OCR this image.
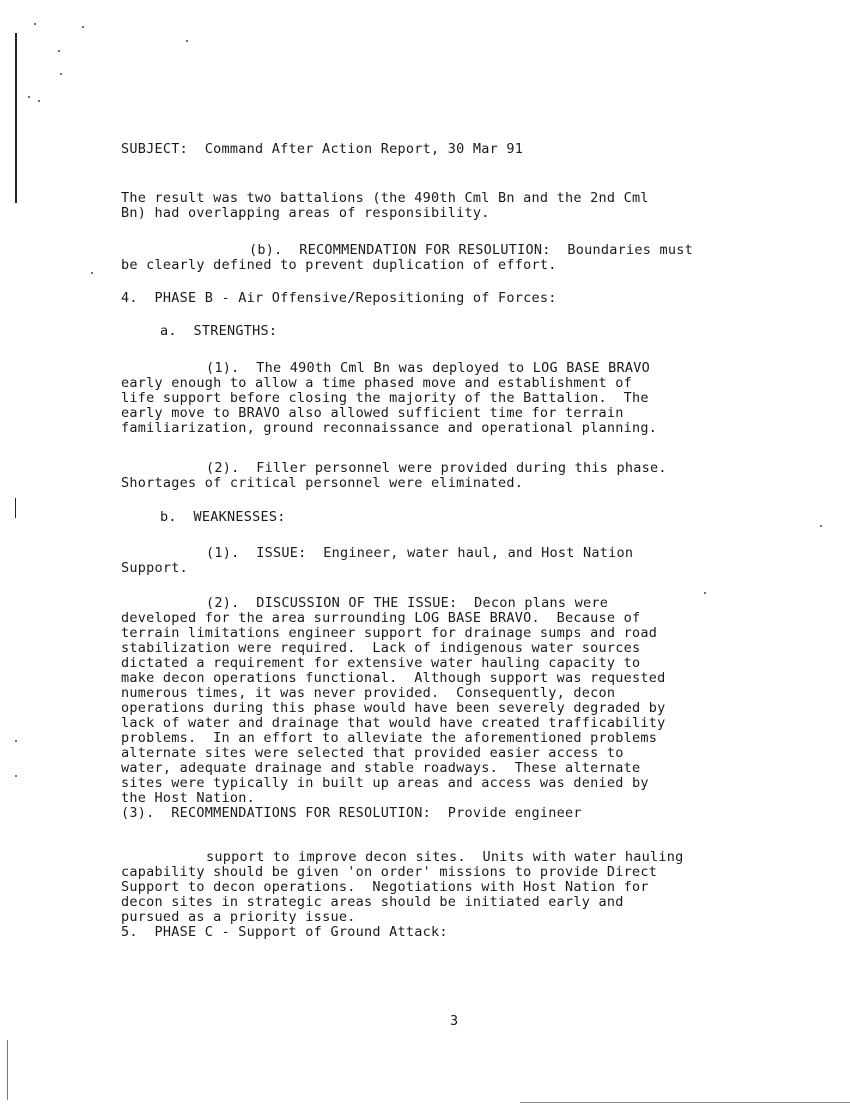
SUBJECT:  Command After Action Report, 30 Mar 91
The result was two battalions (the 490th Cml Bn and the 2nd Cml
Bn) had overlapping areas of responsibility.
(b).  RECOMMENDATION FOR RESOLUTION:  Boundaries must
be clearly defined to prevent duplication of effort.
4.  PHASE B - Air Offensive/Repositioning of Forces:
a.  STRENGTHS:
(1).  The 490th Cml Bn was deployed to LOG BASE BRAVO
early enough to allow a time phased move and establishment of
life support before closing the majority of the Battalion.  The
early move to BRAVO also allowed sufficient time for terrain
familiarization, ground reconnaissance and operational planning.
(2).  Filler personnel were provided during this phase.
Shortages of critical personnel were eliminated.
b.  WEAKNESSES:
(1).  ISSUE:  Engineer, water haul, and Host Nation
Support.
(2).  DISCUSSION OF THE ISSUE:  Decon plans were
developed for the area surrounding LOG BASE BRAVO.  Because of
terrain limitations engineer support for drainage sumps and road
stabilization were required.  Lack of indigenous water sources
dictated a requirement for extensive water hauling capacity to
make decon operations functional.  Although support was requested
numerous times, it was never provided.  Consequently, decon
operations during this phase would have been severely degraded by
lack of water and drainage that would have created trafficability
problems.  In an effort to alleviate the aforementioned problems
alternate sites were selected that provided easier access to
water, adequate drainage and stable roadways.  These alternate
sites were typically in built up areas and access was denied by
the Host Nation.
(3).  RECOMMENDATIONS FOR RESOLUTION:  Provide engineer
support to improve decon sites.  Units with water hauling
capability should be given 'on order' missions to provide Direct
Support to decon operations.  Negotiations with Host Nation for
decon sites in strategic areas should be initiated early and
pursued as a priority issue.
5.  PHASE C - Support of Ground Attack:
3
